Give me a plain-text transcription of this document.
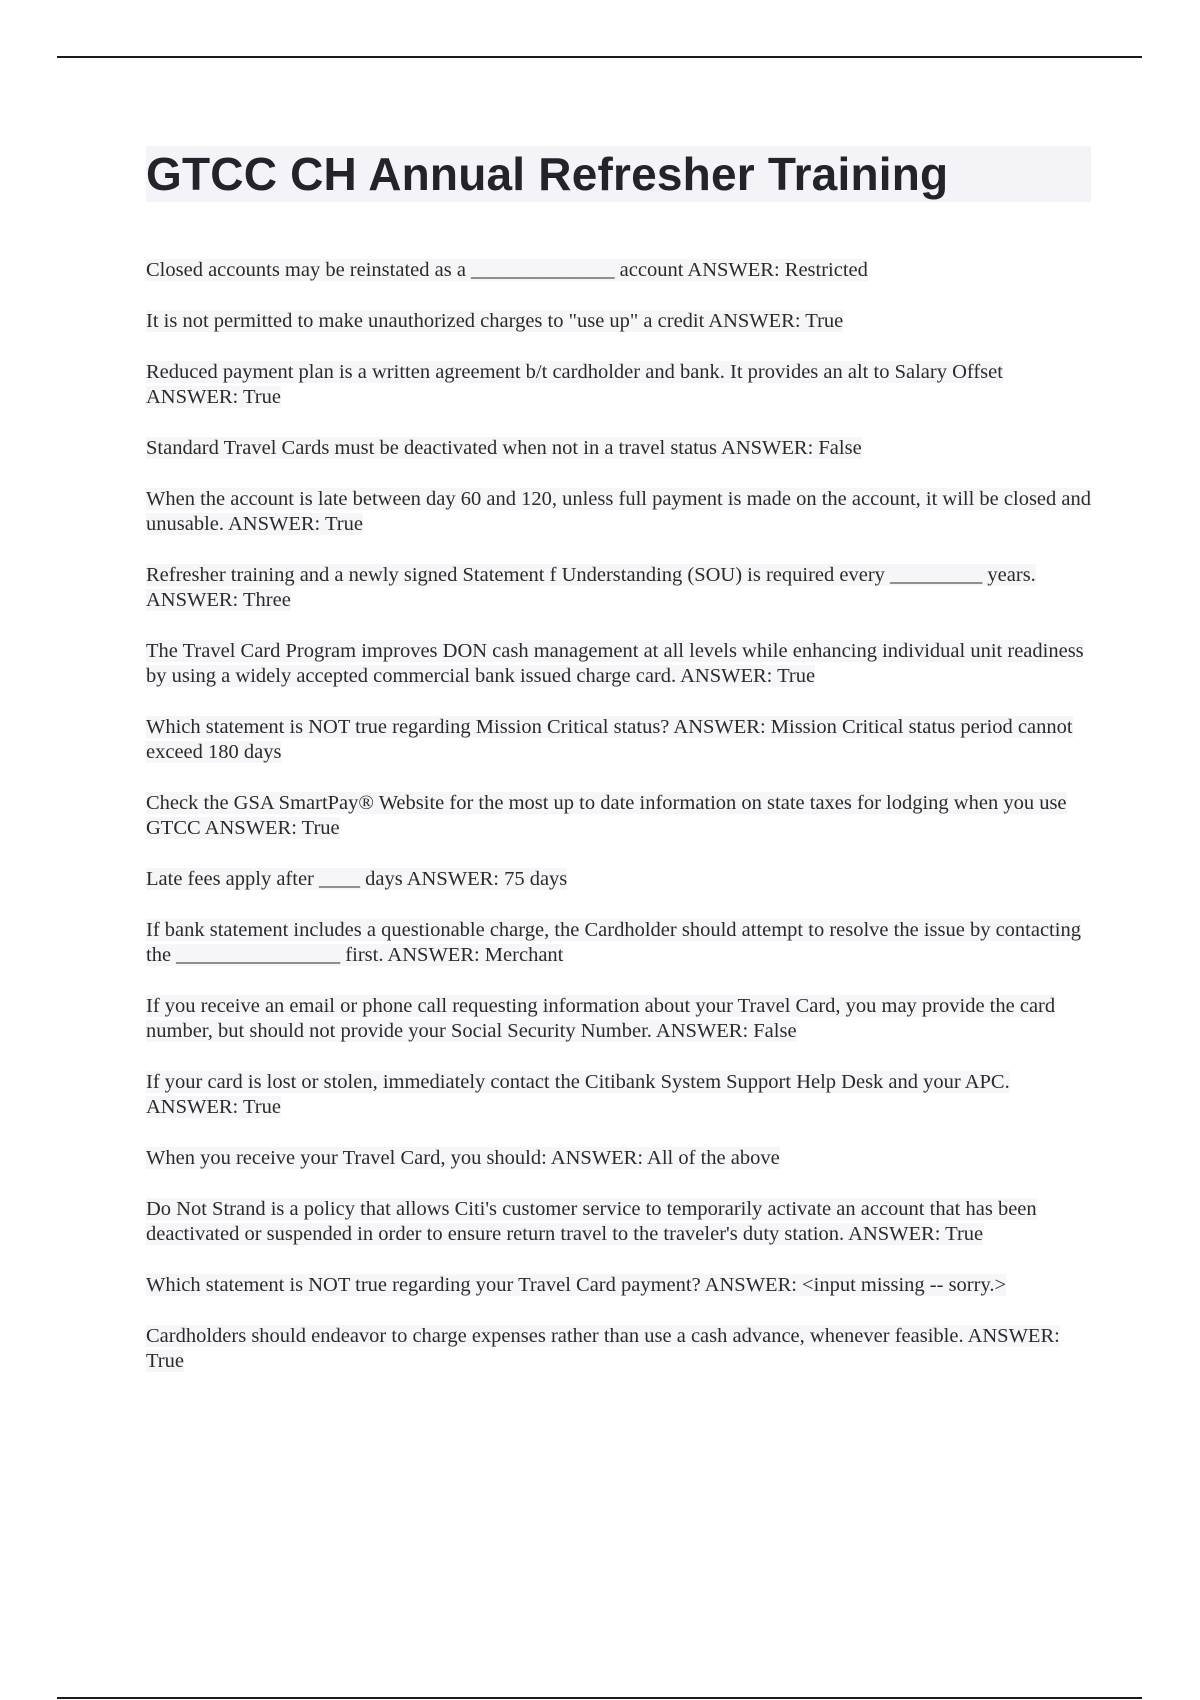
GTCC CH Annual Refresher Training
Closed accounts may be reinstated as a ______________ account ANSWER: Restricted
It is not permitted to make unauthorized charges to "use up" a credit ANSWER: True
Reduced payment plan is a written agreement b/t cardholder and bank. It provides an alt to Salary Offset ANSWER: True
Standard Travel Cards must be deactivated when not in a travel status ANSWER: False
When the account is late between day 60 and 120, unless full payment is made on the account, it will be closed and unusable. ANSWER: True
Refresher training and a newly signed Statement f Understanding (SOU) is required every _________ years. ANSWER: Three
The Travel Card Program improves DON cash management at all levels while enhancing individual unit readiness by using a widely accepted commercial bank issued charge card. ANSWER: True
Which statement is NOT true regarding Mission Critical status? ANSWER: Mission Critical status period cannot exceed 180 days
Check the GSA SmartPay® Website for the most up to date information on state taxes for lodging when you use GTCC ANSWER: True
Late fees apply after ____ days ANSWER: 75 days
If bank statement includes a questionable charge, the Cardholder should attempt to resolve the issue by contacting the ________________ first. ANSWER: Merchant
If you receive an email or phone call requesting information about your Travel Card, you may provide the card number, but should not provide your Social Security Number. ANSWER: False
If your card is lost or stolen, immediately contact the Citibank System Support Help Desk and your APC. ANSWER: True
When you receive your Travel Card, you should: ANSWER: All of the above
Do Not Strand is a policy that allows Citi's customer service to temporarily activate an account that has been deactivated or suspended in order to ensure return travel to the traveler's duty station. ANSWER: True
Which statement is NOT true regarding your Travel Card payment? ANSWER: <input missing -- sorry.>
Cardholders should endeavor to charge expenses rather than use a cash advance, whenever feasible. ANSWER: True
